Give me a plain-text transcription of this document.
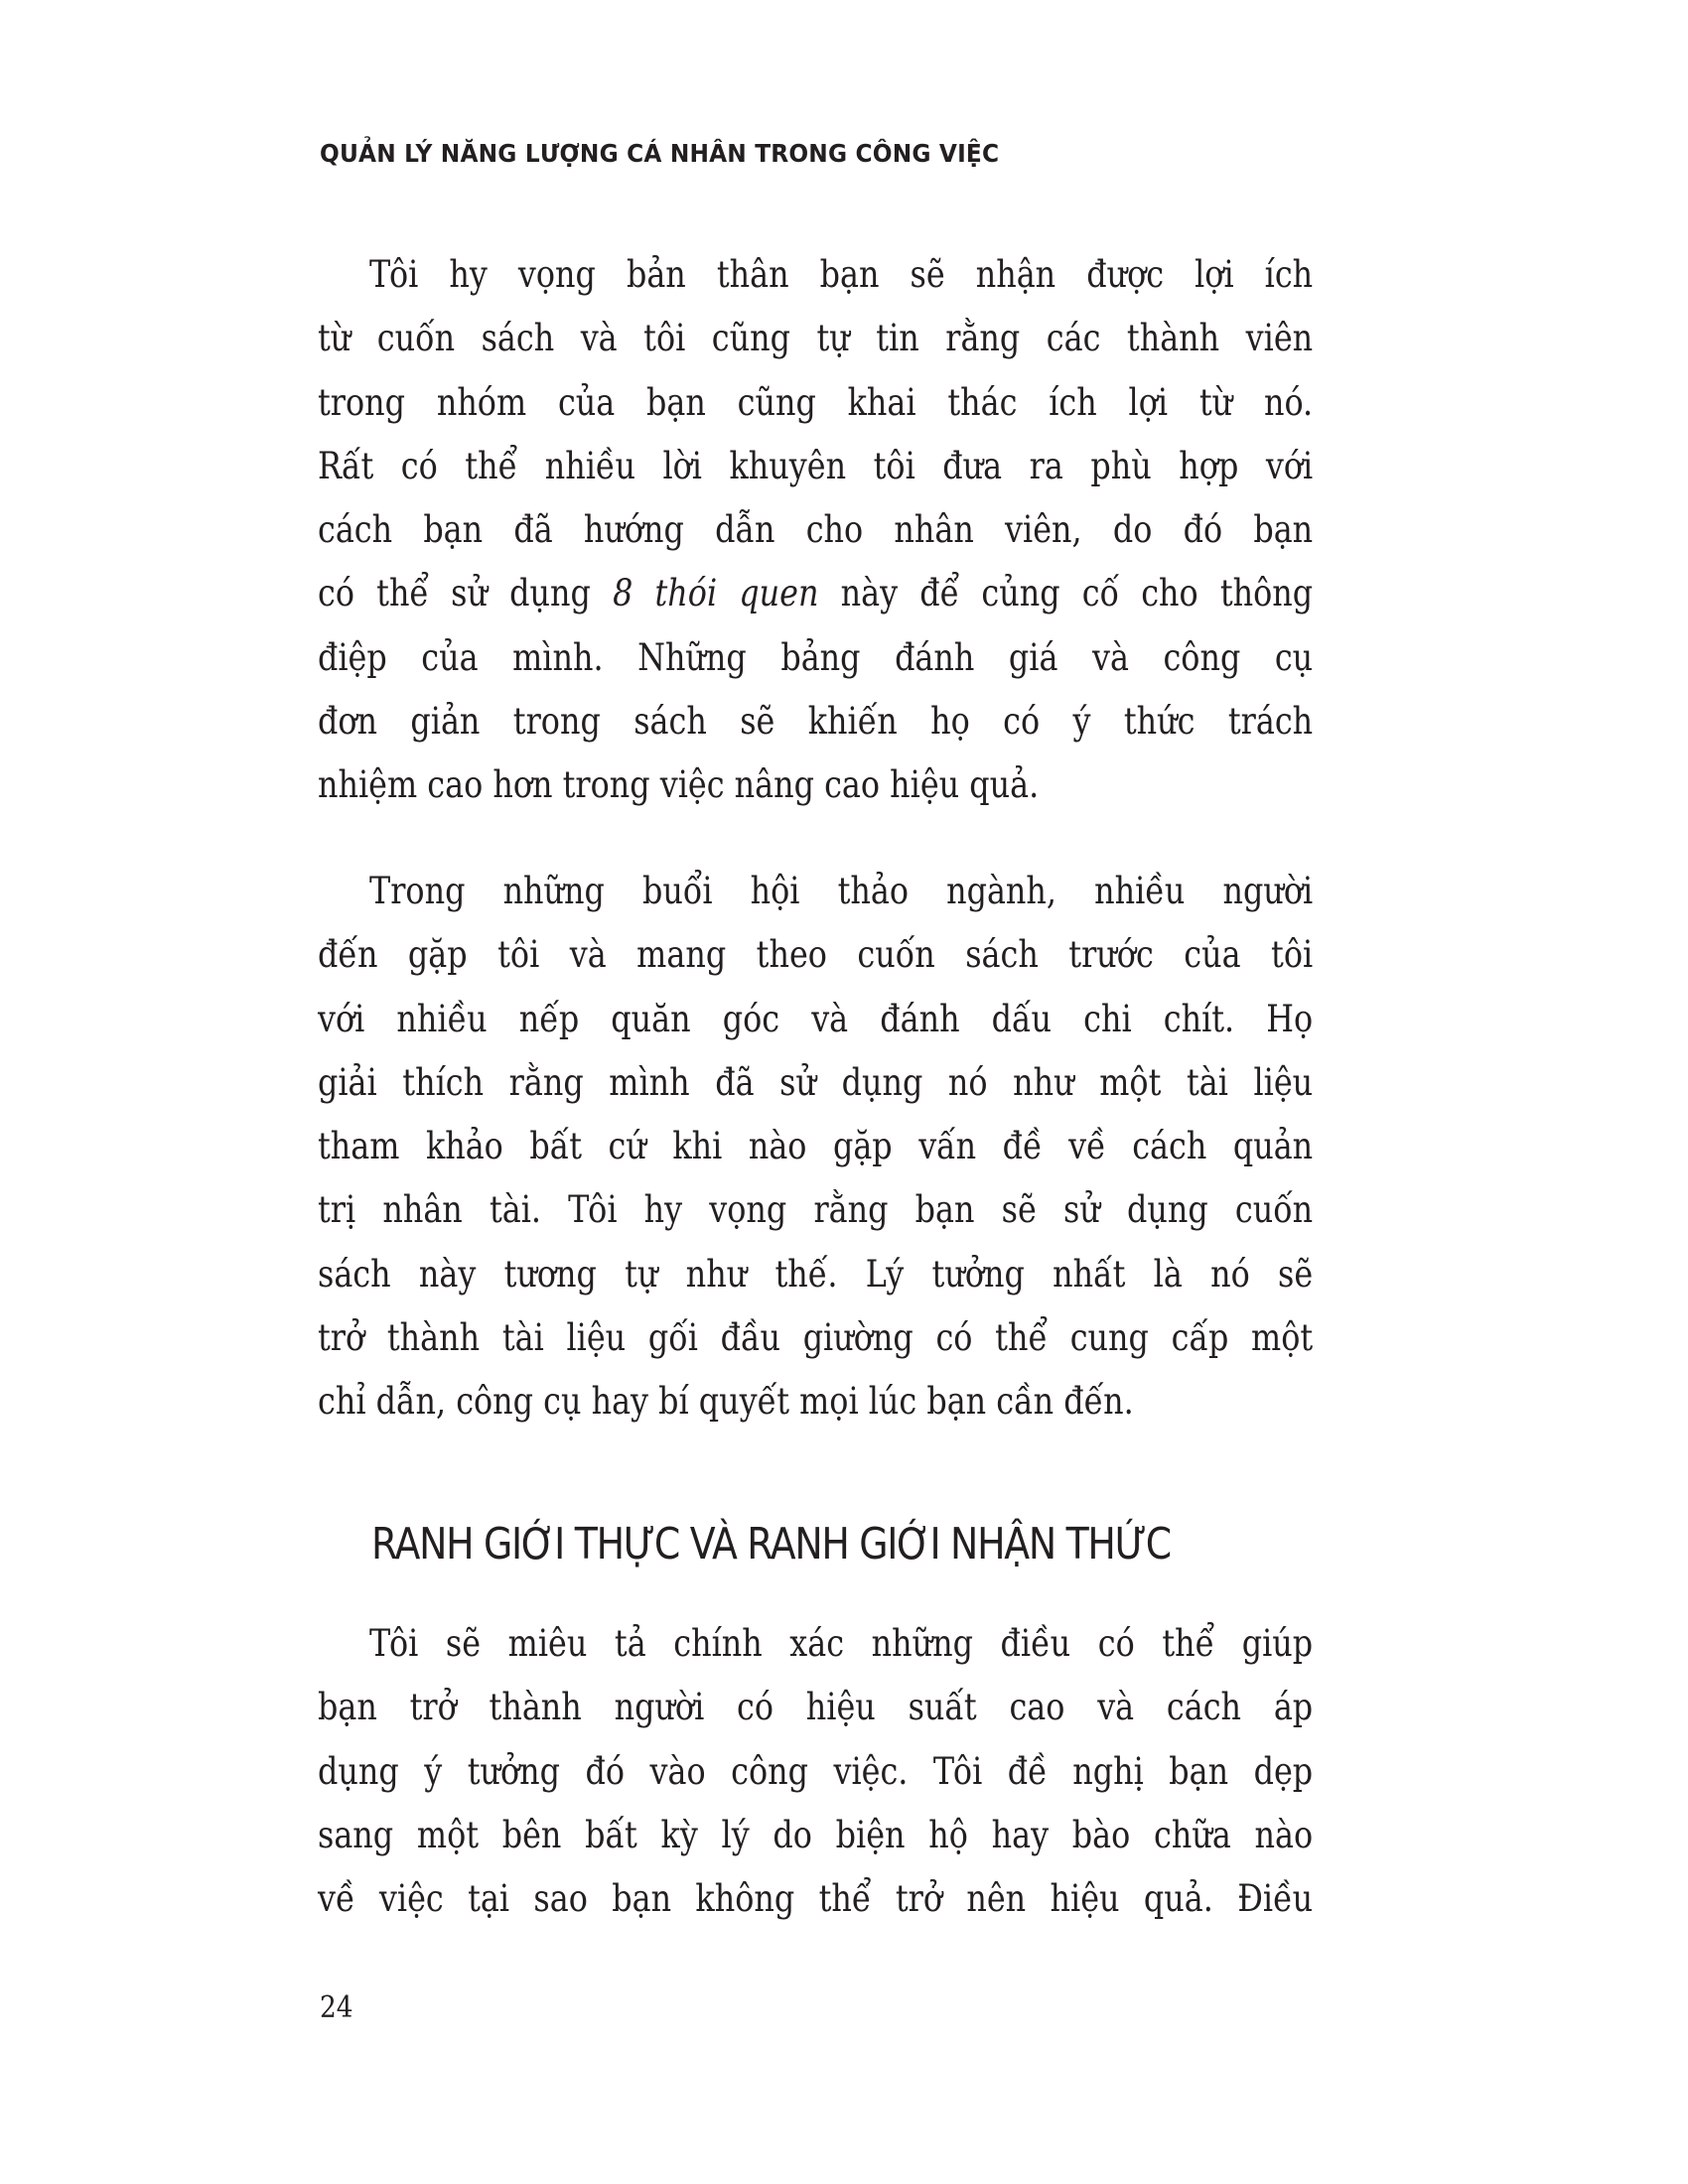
QUẢN LÝ NĂNG LƯỢNG CÁ NHÂN TRONG CÔNG VIỆC
Tôi hy vọng bản thân bạn sẽ nhận được lợi ích
từ cuốn sách và tôi cũng tự tin rằng các thành viên
trong nhóm của bạn cũng khai thác ích lợi từ nó.
Rất có thể nhiều lời khuyên tôi đưa ra phù hợp với
cách bạn đã hướng dẫn cho nhân viên, do đó bạn
có thể sử dụng 8 thói quen này để củng cố cho thông
điệp của mình. Những bảng đánh giá và công cụ
đơn giản trong sách sẽ khiến họ có ý thức trách
nhiệm cao hơn trong việc nâng cao hiệu quả.
Trong những buổi hội thảo ngành, nhiều người
đến gặp tôi và mang theo cuốn sách trước của tôi
với nhiều nếp quăn góc và đánh dấu chi chít. Họ
giải thích rằng mình đã sử dụng nó như một tài liệu
tham khảo bất cứ khi nào gặp vấn đề về cách quản
trị nhân tài. Tôi hy vọng rằng bạn sẽ sử dụng cuốn
sách này tương tự như thế. Lý tưởng nhất là nó sẽ
trở thành tài liệu gối đầu giường có thể cung cấp một
chỉ dẫn, công cụ hay bí quyết mọi lúc bạn cần đến.
RANH GIỚI THỰC VÀ RANH GIỚI NHẬN THỨC
Tôi sẽ miêu tả chính xác những điều có thể giúp
bạn trở thành người có hiệu suất cao và cách áp
dụng ý tưởng đó vào công việc. Tôi đề nghị bạn dẹp
sang một bên bất kỳ lý do biện hộ hay bào chữa nào
về việc tại sao bạn không thể trở nên hiệu quả. Điều
24
